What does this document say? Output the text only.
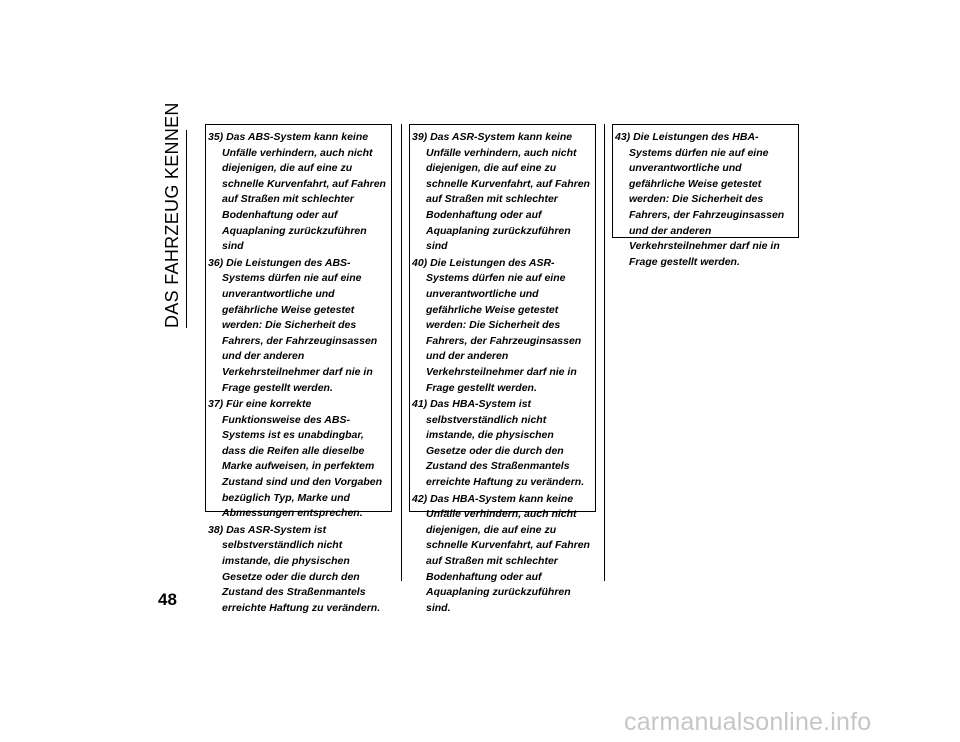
DAS FAHRZEUG KENNEN 35) Das ABS-System kann keine Unfälle verhindern, auch nicht diejenigen, die auf eine zu schnelle Kurvenfahrt, auf Fahren auf Straßen mit schlechter Bodenhaftung oder auf Aquaplaning zurückzuführen sind

36) Die Leistungen des ABS-Systems dürfen nie auf eine unverantwortliche und gefährliche Weise getestet werden: Die Sicherheit des Fahrers, der Fahrzeuginsassen und der anderen Verkehrsteilnehmer darf nie in Frage gestellt werden.

37) Für eine korrekte Funktionsweise des ABS-Systems ist es unabdingbar, dass die Reifen alle dieselbe Marke aufweisen, in perfektem Zustand sind und den Vorgaben bezüglich Typ, Marke und Abmessungen entsprechen.

38) Das ASR-System ist selbstverständlich nicht imstande, die physischen Gesetze oder die durch den Zustand des Straßenmantels erreichte Haftung zu verändern.

39) Das ASR-System kann keine Unfälle verhindern, auch nicht diejenigen, die auf eine zu schnelle Kurvenfahrt, auf Fahren auf Straßen mit schlechter Bodenhaftung oder auf Aquaplaning zurückzuführen sind

40) Die Leistungen des ASR-Systems dürfen nie auf eine unverantwortliche und gefährliche Weise getestet werden: Die Sicherheit des Fahrers, der Fahrzeuginsassen und der anderen Verkehrsteilnehmer darf nie in Frage gestellt werden.

41) Das HBA-System ist selbstverständlich nicht imstande, die physischen Gesetze oder die durch den Zustand des Straßenmantels erreichte Haftung zu verändern.

42) Das HBA-System kann keine Unfälle verhindern, auch nicht diejenigen, die auf eine zu schnelle Kurvenfahrt, auf Fahren auf Straßen mit schlechter Bodenhaftung oder auf Aquaplaning zurückzuführen sind.

43) Die Leistungen des HBA-Systems dürfen nie auf eine unverantwortliche und gefährliche Weise getestet werden: Die Sicherheit des Fahrers, der Fahrzeuginsassen und der anderen Verkehrsteilnehmer darf nie in Frage gestellt werden.

48
carmanualsonline.info
